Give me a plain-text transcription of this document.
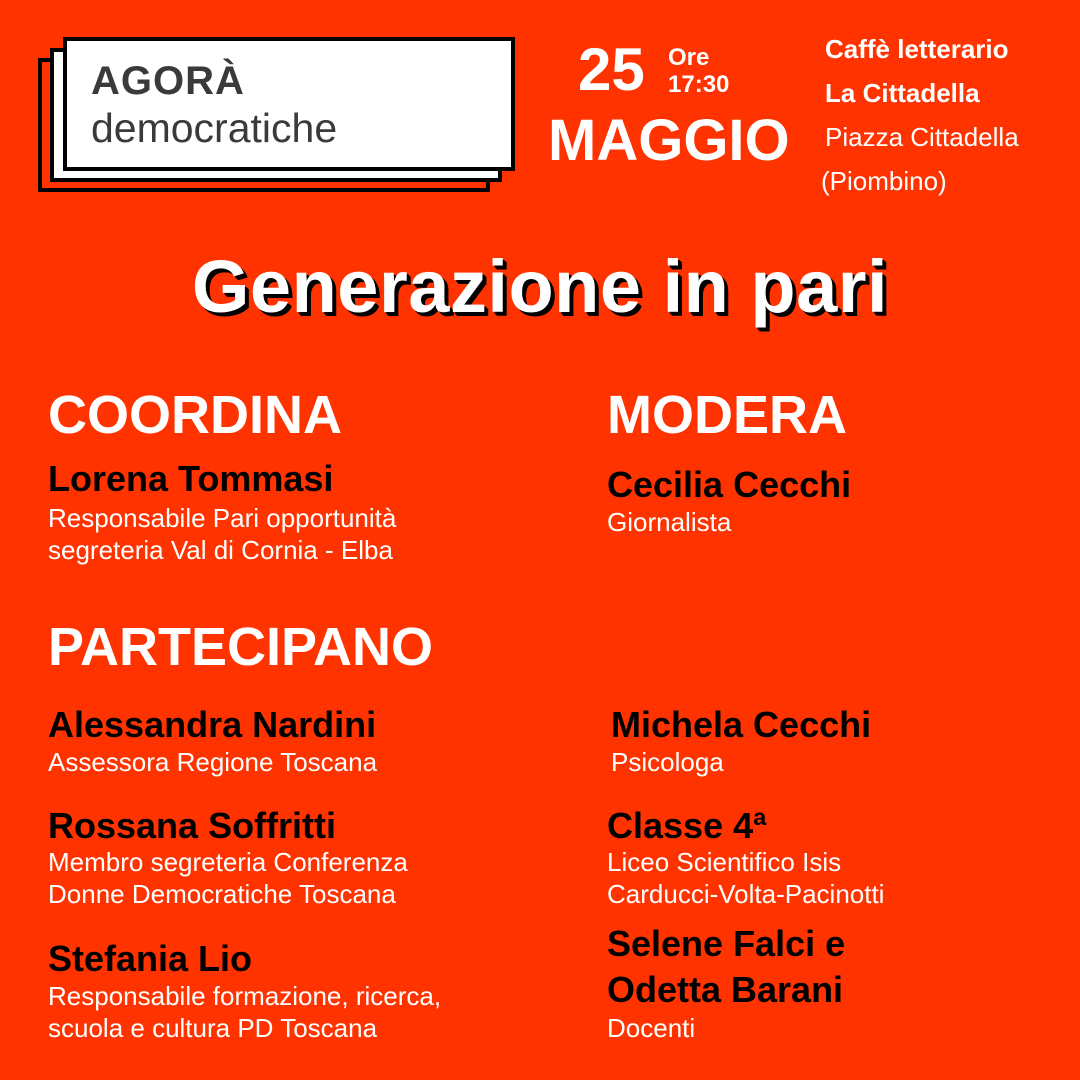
AGORÀ
democratiche
25 Ore
17:30
MAGGIO
Caffè letterario
La Cittadella
Piazza Cittadella
(Piombino)
Generazione in pari
COORDINA
Lorena Tommasi
Responsabile Pari opportunità
segreteria Val di Cornia - Elba
MODERA
Cecilia Cecchi
Giornalista
PARTECIPANO
Alessandra Nardini
Assessora Regione Toscana
Rossana Soffritti
Membro segreteria Conferenza
Donne Democratiche Toscana
Stefania Lio
Responsabile formazione, ricerca,
scuola e cultura PD Toscana
Michela Cecchi
Psicologa
Classe 4ª
Liceo Scientifico Isis
Carducci-Volta-Pacinotti
Selene Falci e
Odetta Barani
Docenti
